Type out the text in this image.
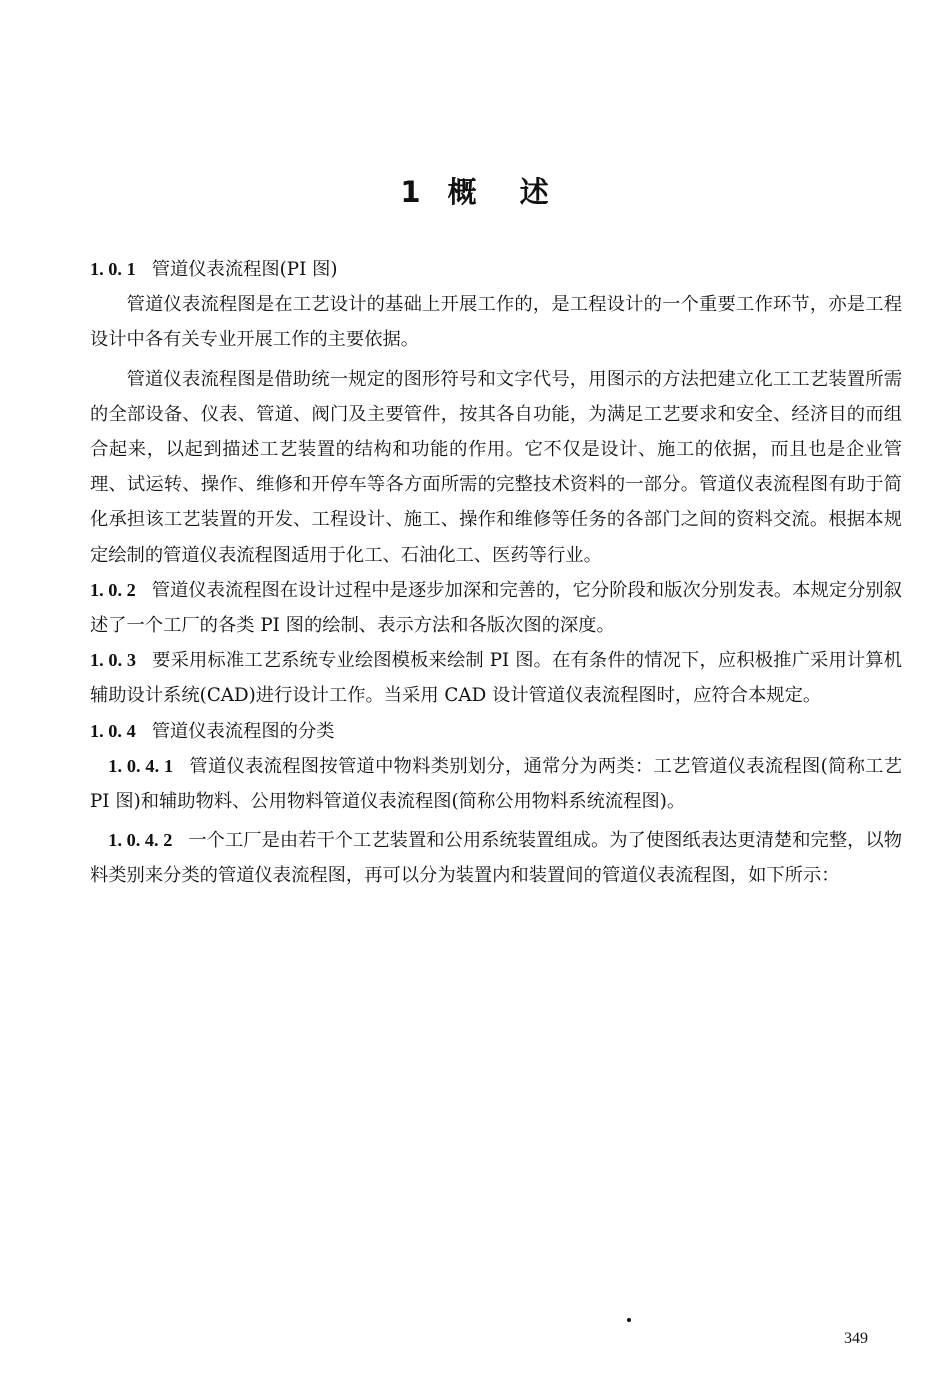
1 概 述

1. 0. 1 管道仪表流程图(PI 图)

管道仪表流程图是在工艺设计的基础上开展工作的，是工程设计的一个重要工作环节，亦是工程设计中各有关专业开展工作的主要依据。

管道仪表流程图是借助统一规定的图形符号和文字代号，用图示的方法把建立化工工艺装置所需的全部设备、仪表、管道、阀门及主要管件，按其各自功能，为满足工艺要求和安全、经济目的而组合起来，以起到描述工艺装置的结构和功能的作用。它不仅是设计、施工的依据，而且也是企业管理、试运转、操作、维修和开停车等各方面所需的完整技术资料的一部分。管道仪表流程图有助于简化承担该工艺装置的开发、工程设计、施工、操作和维修等任务的各部门之间的资料交流。根据本规定绘制的管道仪表流程图适用于化工、石油化工、医药等行业。

1. 0. 2 管道仪表流程图在设计过程中是逐步加深和完善的，它分阶段和版次分别发表。本规定分别叙述了一个工厂的各类 PI 图的绘制、表示方法和各版次图的深度。

1. 0. 3 要采用标准工艺系统专业绘图模板来绘制 PI 图。在有条件的情况下，应积极推广采用计算机辅助设计系统(CAD)进行设计工作。当采用 CAD 设计管道仪表流程图时，应符合本规定。

1. 0. 4 管道仪表流程图的分类

1. 0. 4. 1 管道仪表流程图按管道中物料类别划分，通常分为两类：工艺管道仪表流程图(简称工艺 PI 图)和辅助物料、公用物料管道仪表流程图(简称公用物料系统流程图)。

1. 0. 4. 2 一个工厂是由若干个工艺装置和公用系统装置组成。为了使图纸表达更清楚和完整，以物料类别来分类的管道仪表流程图，再可以分为装置内和装置间的管道仪表流程图，如下所示：

349
